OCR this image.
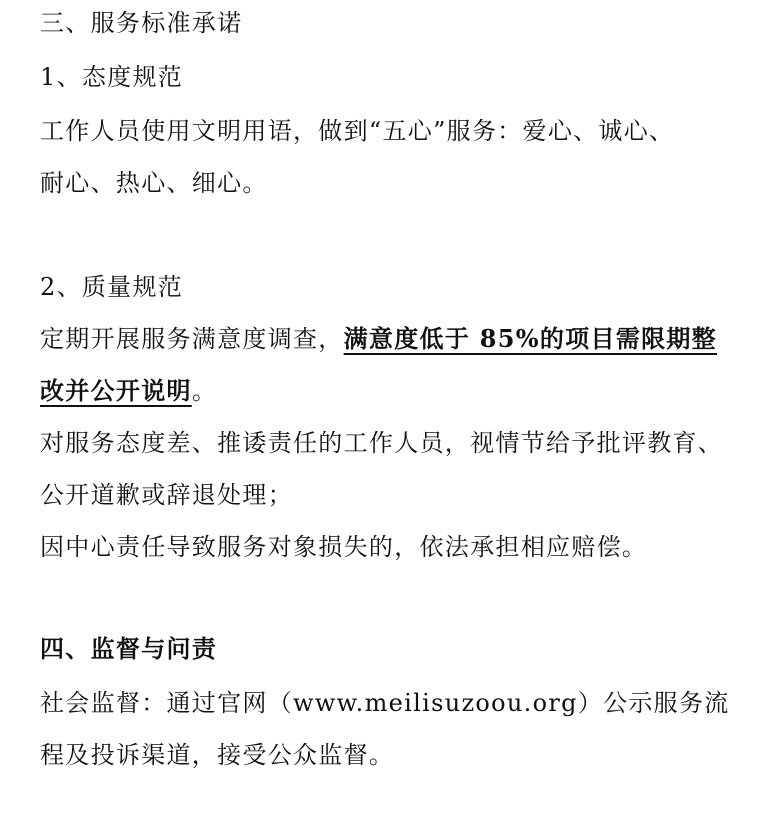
三、服务标准承诺
1、态度规范
工作人员使用文明用语，做到“五心”服务：爱心、诚心、
耐心、热心、细心。
2、质量规范
定期开展服务满意度调查，满意度低于 85%的项目需限期整
改并公开说明。
对服务态度差、推诿责任的工作人员，视情节给予批评教育、
公开道歉或辞退处理；
因中心责任导致服务对象损失的，依法承担相应赔偿。
四、监督与问责
社会监督：通过官网（www.meilisuzoou.org）公示服务流
程及投诉渠道，接受公众监督。
